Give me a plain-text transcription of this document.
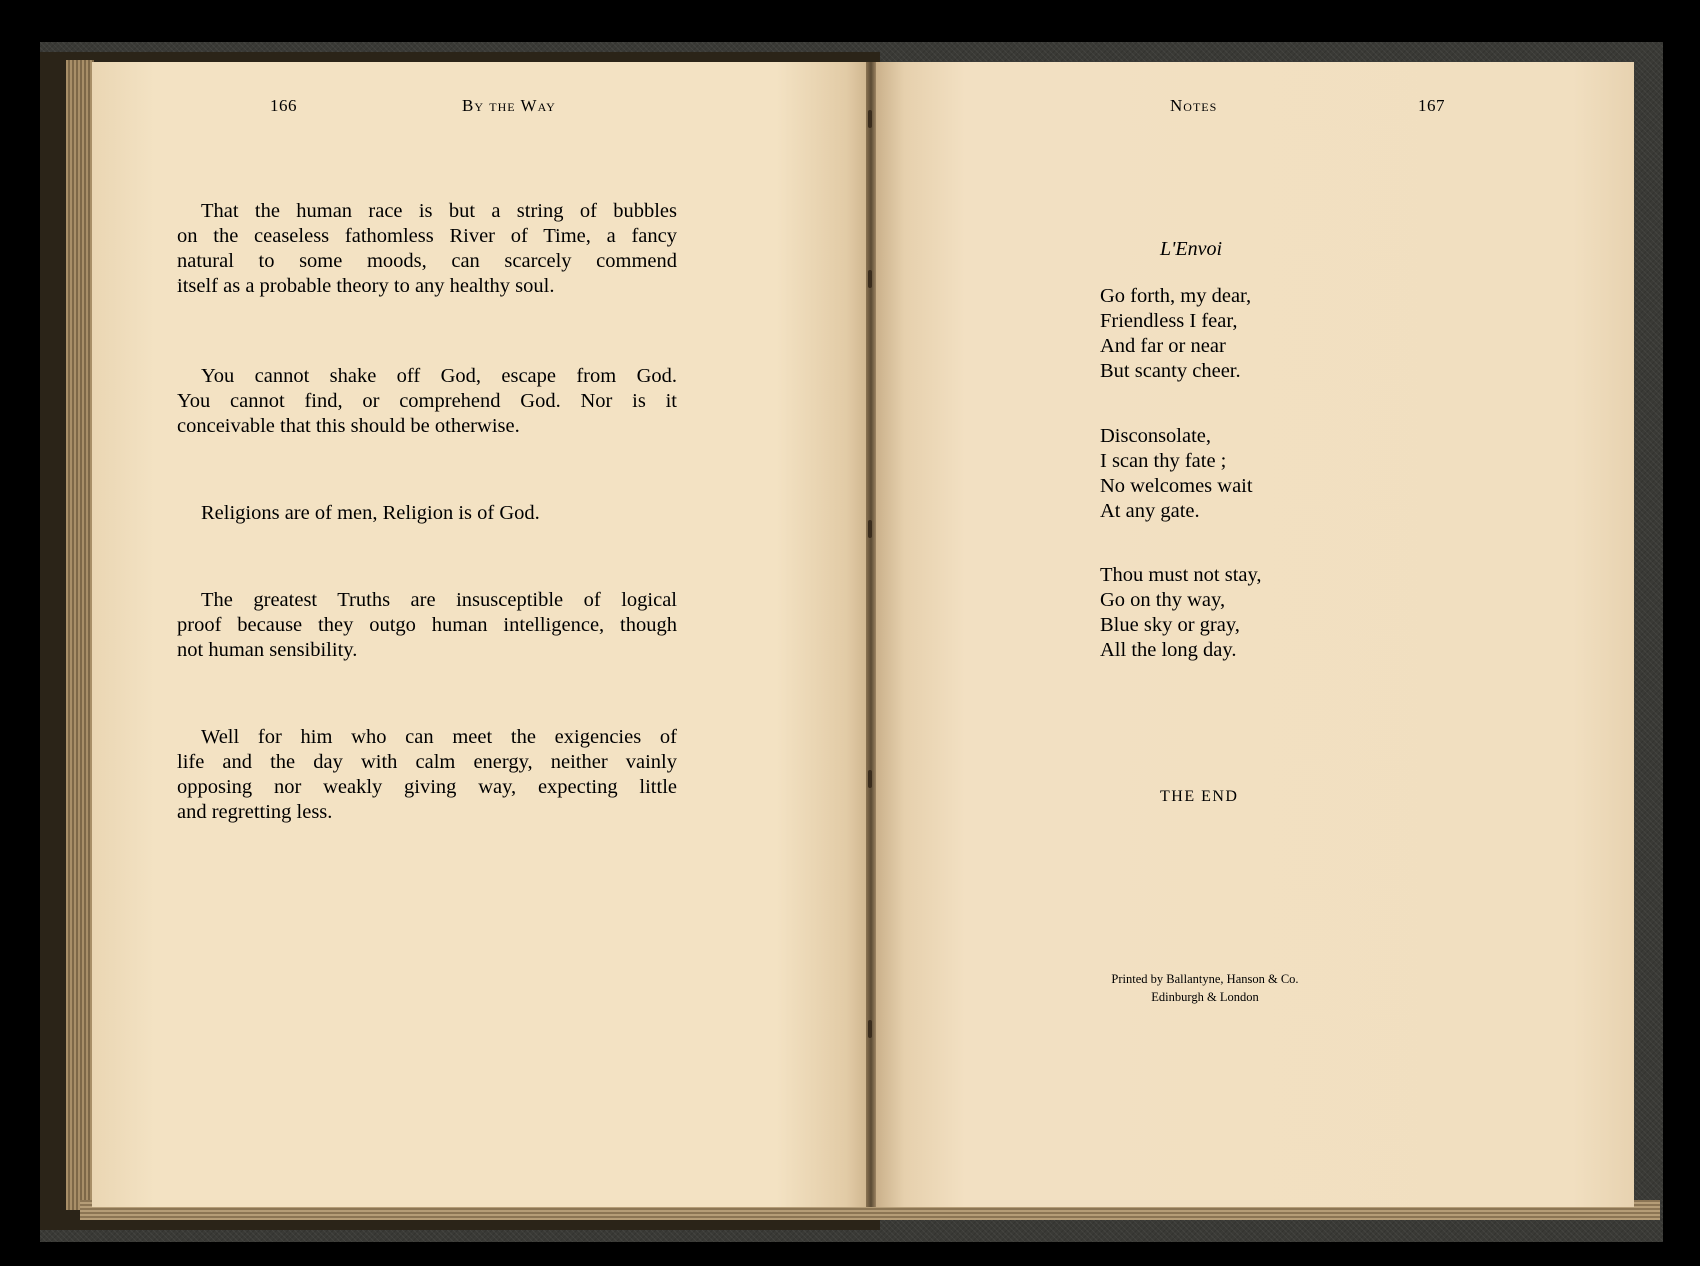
166	By the Way
That the human race is but a string of bubbles
on the ceaseless fathomless River of Time, a fancy
natural to some moods, can scarcely commend
itself as a probable theory to any healthy soul.
You cannot shake off God, escape from God.
You cannot find, or comprehend God. Nor is it
conceivable that this should be otherwise.
Religions are of men, Religion is of God.
The greatest Truths are insusceptible of logical
proof because they outgo human intelligence, though
not human sensibility.
Well for him who can meet the exigencies of
life and the day with calm energy, neither vainly
opposing nor weakly giving way, expecting little
and regretting less.
Notes	167
L'Envoi
Go forth, my dear,
Friendless I fear,
And far or near
But scanty cheer.
Disconsolate,
I scan thy fate ;
No welcomes wait
At any gate.
Thou must not stay,
Go on thy way,
Blue sky or gray,
All the long day.
THE END
Printed by Ballantyne, Hanson & Co.
Edinburgh & London
